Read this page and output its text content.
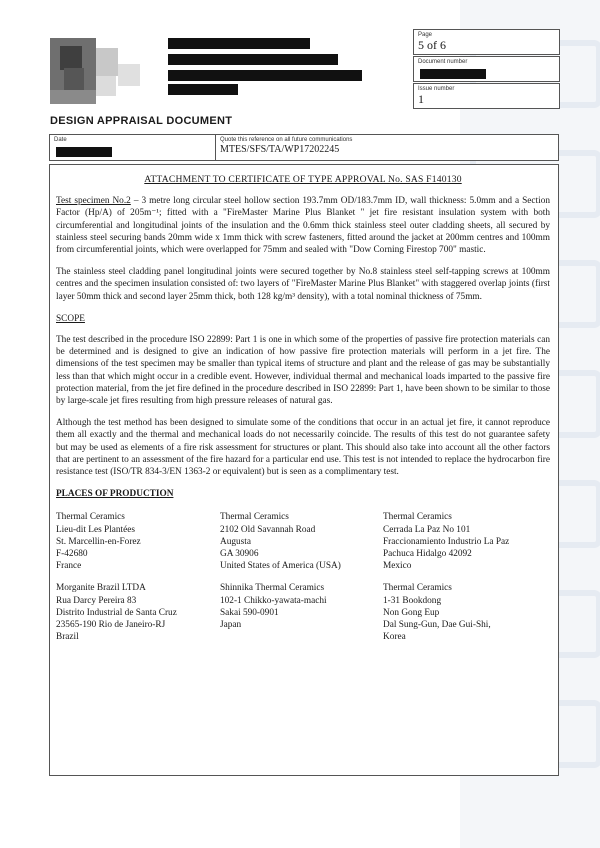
Page
5 of 6
Document number
Issue number
1
DESIGN APPRAISAL DOCUMENT
Date	Quote this reference on all future communications
MTES/SFS/TA/WP17202245
ATTACHMENT TO CERTIFICATE OF TYPE APPROVAL No. SAS F140130

Test specimen No.2 – 3 metre long circular steel hollow section 193.7mm OD/183.7mm ID, wall thickness: 5.0mm and a Section Factor (Hp/A) of 205m⁻¹; fitted with a "FireMaster Marine Plus Blanket " jet fire resistant insulation system with both circumferential and longitudinal joints of the insulation and the 0.6mm thick stainless steel outer cladding sheets, all secured by stainless steel securing bands 20mm wide x 1mm thick with screw fasteners, fitted around the jacket at 200mm centres and 100mm from circumferential joints, which were overlapped for 75mm and sealed with "Dow Corning Firestop 700" mastic.

The stainless steel cladding panel longitudinal joints were secured together by No.8 stainless steel self-tapping screws at 100mm centres and the specimen insulation consisted of: two layers of "FireMaster Marine Plus Blanket" with staggered overlap joints (first layer 50mm thick and second layer 25mm thick, both 128 kg/m³ density), with a total nominal thickness of 75mm.

SCOPE

The test described in the procedure ISO 22899: Part 1 is one in which some of the properties of passive fire protection materials can be determined and is designed to give an indication of how passive fire protection materials will perform in a jet fire. The dimensions of the test specimen may be smaller than typical items of structure and plant and the release of gas may be substantially less than that which might occur in a credible event. However, individual thermal and mechanical loads imparted to the passive fire protection material, from the jet fire defined in the procedure described in ISO 22899: Part 1, have been shown to be similar to those by large-scale jet fires resulting from high pressure releases of natural gas.

Although the test method has been designed to simulate some of the conditions that occur in an actual jet fire, it cannot reproduce them all exactly and the thermal and mechanical loads do not necessarily coincide. The results of this test do not guarantee safety but may be used as elements of a fire risk assessment for structures or plant. This should also take into account all the other factors that are pertinent to an assessment of the fire hazard for a particular end use. This test is not intended to replace the hydrocarbon fire resistance test (ISO/TR 834-3/EN 1363-2 or equivalent) but is seen as a complimentary test.

PLACES OF PRODUCTION
Thermal Ceramics
Lieu-dit Les Plantées
St. Marcellin-en-Forez
F-42680
France
Thermal Ceramics
2102 Old Savannah Road
Augusta
GA 30906
United States of America (USA)
Thermal Ceramics
Cerrada La Paz No 101
Fraccionamiento Industrio La Paz
Pachuca Hidalgo 42092
Mexico
Morganite Brazil LTDA
Rua Darcy Pereira 83
Distrito Industrial de Santa Cruz
23565-190 Rio de Janeiro-RJ
Brazil
Shinnika Thermal Ceramics
102-1 Chikko-yawata-machi
Sakai 590-0901
Japan
Thermal Ceramics
1-31 Bookdong
Non Gong Eup
Dal Sung-Gun, Dae Gui-Shi,
Korea
